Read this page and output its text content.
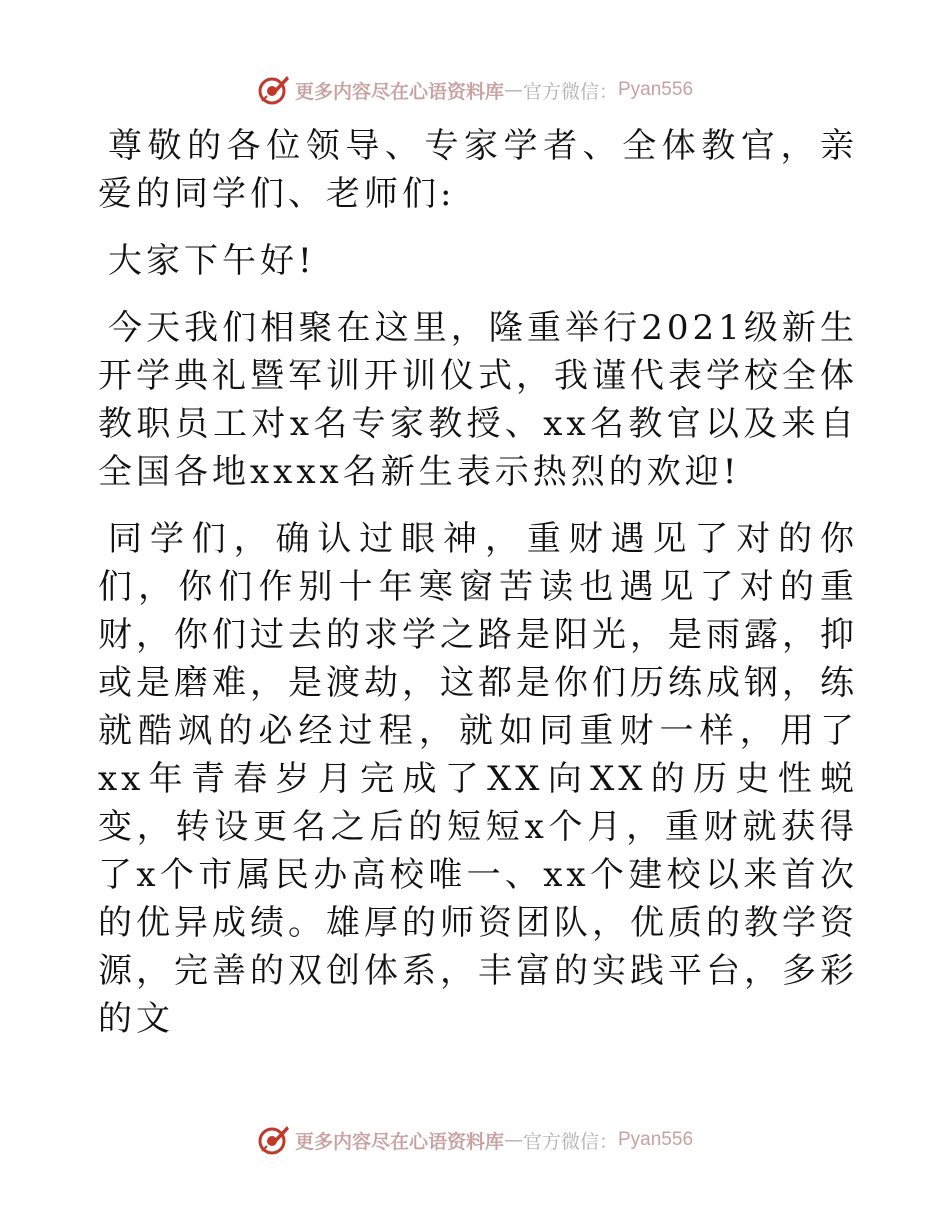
更多内容尽在心语资料库 — 官方微信： Pyan556

尊敬的各位领导、专家学者、全体教官，亲爱的同学们、老师们:

大家下午好!

今天我们相聚在这里，隆重举行2021级新生开学典礼暨军训开训仪式，我谨代表学校全体教职员工对x名专家教授、xx名教官以及来自全国各地xxxx名新生表示热烈的欢迎!

同学们，确认过眼神，重财遇见了对的你们，你们作别十年寒窗苦读也遇见了对的重财，你们过去的求学之路是阳光，是雨露，抑或是磨难，是渡劫，这都是你们历练成钢，练就酷飒的必经过程，就如同重财一样，用了xx年青春岁月完成了XX向XX的历史性蜕变，转设更名之后的短短x个月，重财就获得了x个市属民办高校唯一、xx个建校以来首次的优异成绩。雄厚的师资团队，优质的教学资源，完善的双创体系，丰富的实践平台，多彩的文

更多内容尽在心语资料库 — 官方微信： Pyan556
